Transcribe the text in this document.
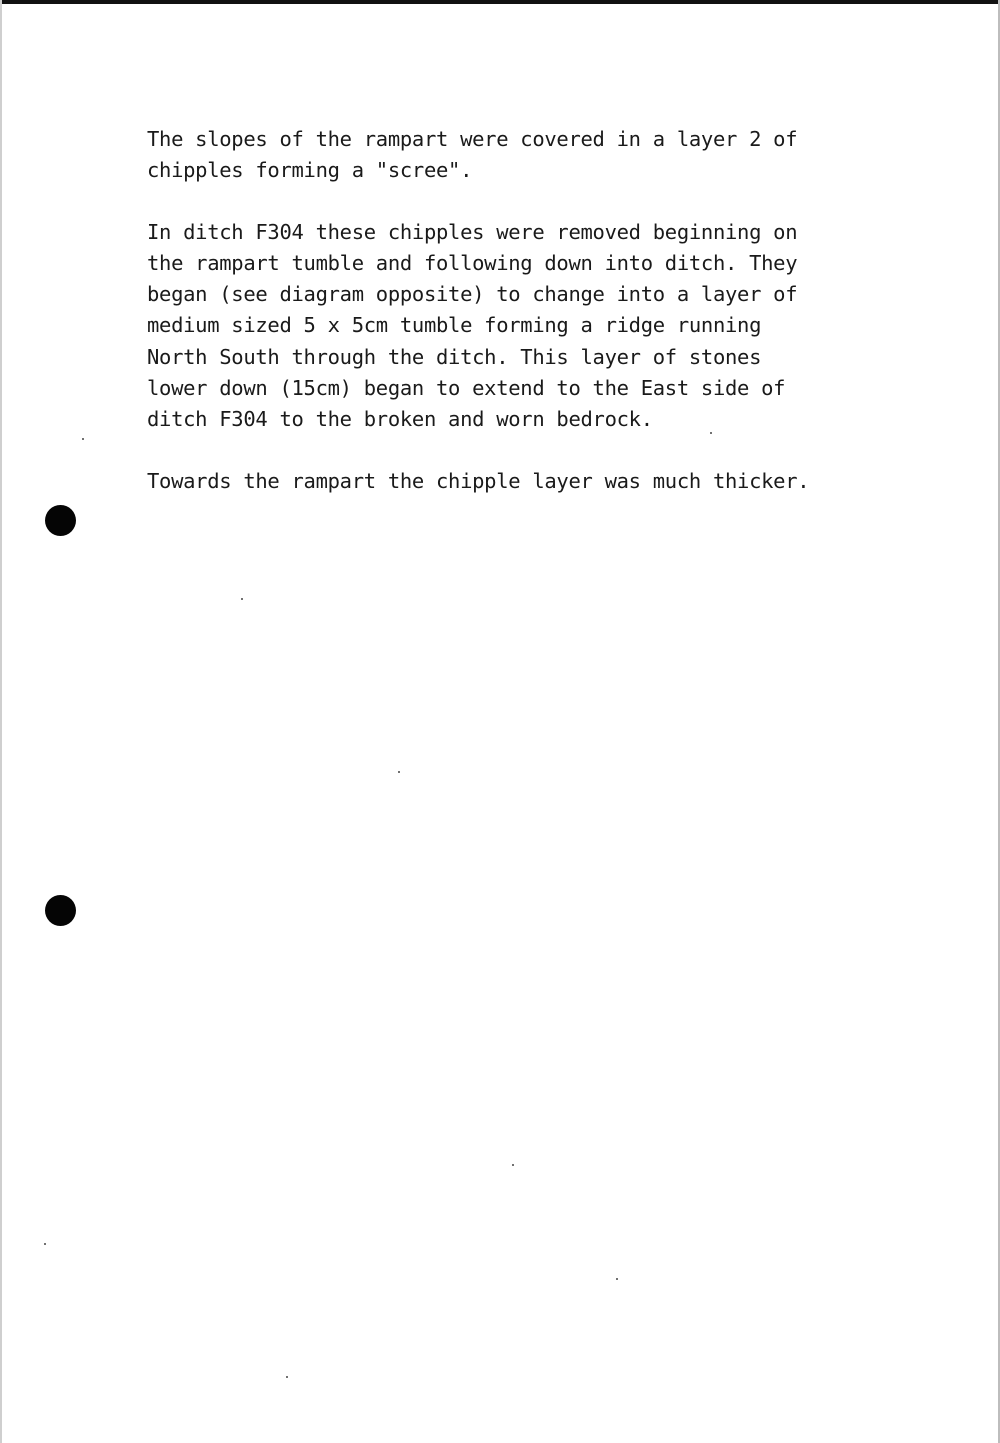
The slopes of the rampart were covered in a layer 2 of
chipples forming a "scree".

In ditch F304 these chipples were removed beginning on
the rampart tumble and following down into ditch. They
began (see diagram opposite) to change into a layer of
medium sized 5 x 5cm tumble forming a ridge running
North South through the ditch. This layer of stones
lower down (15cm) began to extend to the East side of
ditch F304 to the broken and worn bedrock.

Towards the rampart the chipple layer was much thicker.
